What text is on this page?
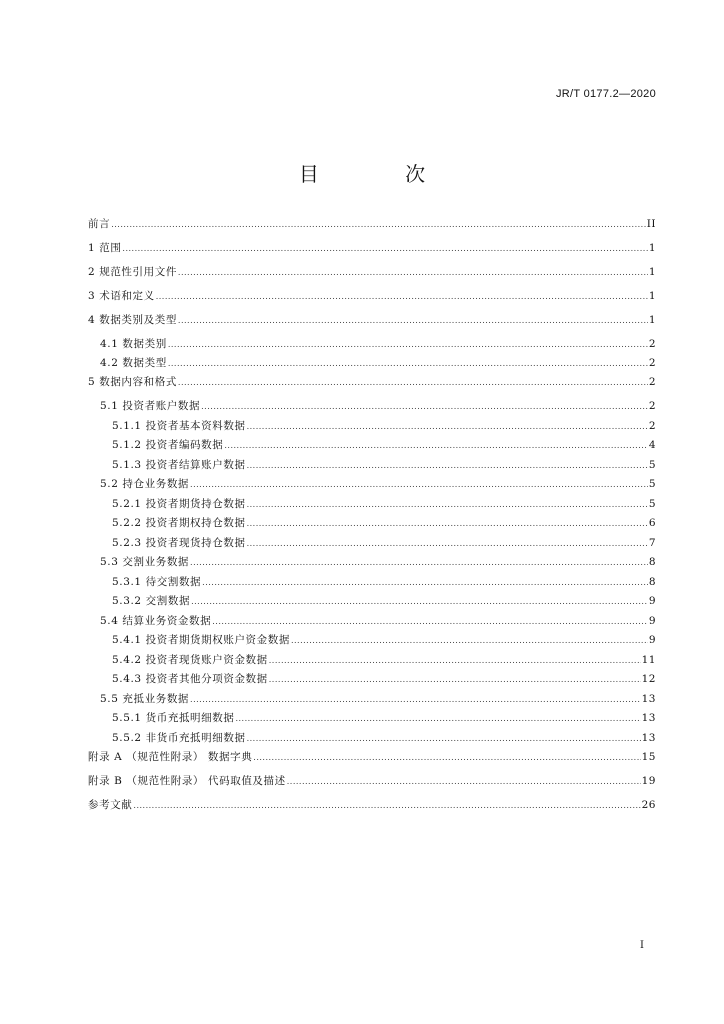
JR/T 0177.2—2020
目 次
前言 .....	II
1 范围 .....	1
2 规范性引用文件 .....	1
3 术语和定义 .....	1
4 数据类别及类型 .....	1
4.1 数据类别 .....	2
4.2 数据类型 .....	2
5 数据内容和格式 .....	2
5.1 投资者账户数据 .....	2
5.1.1 投资者基本资料数据 .....	2
5.1.2 投资者编码数据 .....	4
5.1.3 投资者结算账户数据 .....	5
5.2 持仓业务数据 .....	5
5.2.1 投资者期货持仓数据 .....	5
5.2.2 投资者期权持仓数据 .....	6
5.2.3 投资者现货持仓数据 .....	7
5.3 交割业务数据 .....	8
5.3.1 待交割数据 .....	8
5.3.2 交割数据 .....	9
5.4 结算业务资金数据 .....	9
5.4.1 投资者期货期权账户资金数据 .....	9
5.4.2 投资者现货账户资金数据 .....	11
5.4.3 投资者其他分项资金数据 .....	12
5.5 充抵业务数据 .....	13
5.5.1 货币充抵明细数据 .....	13
5.5.2 非货币充抵明细数据 .....	13
附录 A （规范性附录） 数据字典 .....	15
附录 B （规范性附录） 代码取值及描述 .....	19
参考文献 .....	26
I
